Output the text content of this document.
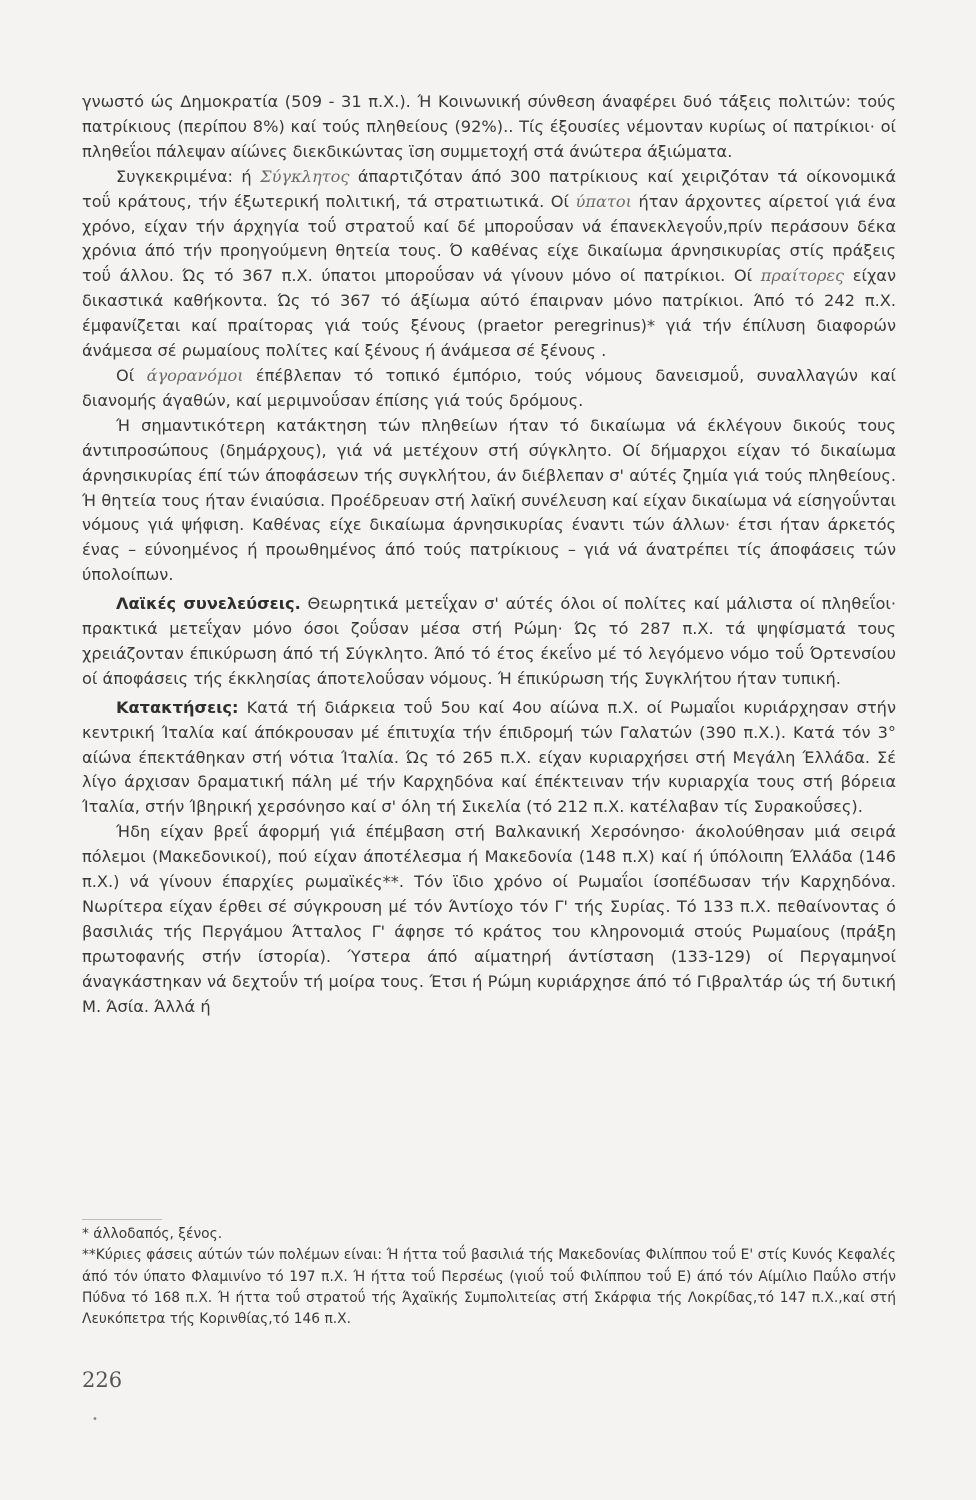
γνωστό ώς Δημοκρατία (509 - 31 π.Χ.). Ή Κοινωνική σύνθεση άναφέρει δυό τάξεις πολιτών: τούς πατρίκιους (περίπου 8%) καί τούς πληθείους (92%).. Τίς έξουσίες νέμονταν κυρίως οί πατρίκιοι· οί πληθεΐοι πάλεψαν αίώνες διεκδικώντας ϊση συμμετοχή στά άνώτερα άξιώματα.

Συγκεκριμένα: ή Σύγκλητος άπαρτιζόταν άπό 300 πατρίκιους καί χειριζόταν τά οίκονομικά τοΰ κράτους, τήν έξωτερική πολιτική, τά στρατιωτικά. Οί ύπατοι ήταν άρχοντες αίρετοί γιά ένα χρόνο, είχαν τήν άρχηγία τοΰ στρατοΰ καί δέ μποροΰσαν νά έπανεκλεγοΰν,πρίν περάσουν δέκα χρόνια άπό τήν προηγούμενη θητεία τους. Ό καθένας είχε δικαίωμα άρνησικυρίας στίς πράξεις τοΰ άλλου. Ώς τό 367 π.Χ. ύπατοι μποροΰσαν νά γίνουν μόνο οί πατρίκιοι. Οί πραίτορες είχαν δικαστικά καθήκοντα. Ώς τό 367 τό άξίωμα αύτό έπαιρναν μόνο πατρίκιοι. Άπό τό 242 π.Χ. έμφανίζεται καί πραίτορας γιά τούς ξένους (praetor peregrinus)* γιά τήν έπίλυση διαφορών άνάμεσα σέ ρωμαίους πολίτες καί ξένους ή άνάμεσα σέ ξένους .

Οί άγορανόμοι έπέβλεπαν τό τοπικό έμπόριο, τούς νόμους δανεισμοΰ, συναλλαγών καί διανομής άγαθών, καί μεριμνοΰσαν έπίσης γιά τούς δρόμους.

Ή σημαντικότερη κατάκτηση τών πληθείων ήταν τό δικαίωμα νά έκλέγουν δικούς τους άντιπροσώπους (δημάρχους), γιά νά μετέχουν στή σύγκλητο. Οί δήμαρχοι είχαν τό δικαίωμα άρνησικυρίας έπί τών άποφάσεων τής συγκλήτου, άν διέβλεπαν σ' αύτές ζημία γιά τούς πληθείους. Ή θητεία τους ήταν ένιαύσια. Προέδρευαν στή λαϊκή συνέλευση καί είχαν δικαίωμα νά είσηγοΰνται νόμους γιά ψήφιση. Καθένας είχε δικαίωμα άρνησικυρίας έναντι τών άλλων· έτσι ήταν άρκετός ένας – εύνοημένος ή προωθημένος άπό τούς πατρίκιους – γιά νά άνατρέπει τίς άποφάσεις τών ύπολοίπων.

Λαϊκές συνελεύσεις. Θεωρητικά μετεΐχαν σ' αύτές όλοι οί πολίτες καί μάλιστα οί πληθεΐοι· πρακτικά μετεΐχαν μόνο όσοι ζοΰσαν μέσα στή Ρώμη· Ώς τό 287 π.Χ. τά ψηφίσματά τους χρειάζονταν έπικύρωση άπό τή Σύγκλητο. Άπό τό έτος έκεΐνο μέ τό λεγόμενο νόμο τοΰ Όρτενσίου οί άποφάσεις τής έκκλησίας άποτελοΰσαν νόμους. Ή έπικύρωση τής Συγκλήτου ήταν τυπική.

Κατακτήσεις: Κατά τή διάρκεια τοΰ 5ου καί 4ου αίώνα π.Χ. οί Ρωμαΐοι κυριάρχησαν στήν κεντρική Ίταλία καί άπόκρουσαν μέ έπιτυχία τήν έπιδρομή τών Γαλατών (390 π.Χ.). Κατά τόν 3° αίώνα έπεκτάθηκαν στή νότια Ίταλία. Ώς τό 265 π.Χ. είχαν κυριαρχήσει στή Μεγάλη Έλλάδα. Σέ λίγο άρχισαν δραματική πάλη μέ τήν Καρχηδόνα καί έπέκτειναν τήν κυριαρχία τους στή βόρεια Ίταλία, στήν Ίβηρική χερσόνησο καί σ' όλη τή Σικελία (τό 212 π.Χ. κατέλαβαν τίς Συρακοΰσες).

Ήδη είχαν βρεΐ άφορμή γιά έπέμβαση στή Βαλκανική Χερσόνησο· άκολούθησαν μιά σειρά πόλεμοι (Μακεδονικοί), πού είχαν άποτέλεσμα ή Μακεδονία (148 π.Χ) καί ή ύπόλοιπη Έλλάδα (146 π.Χ.) νά γίνουν έπαρχίες ρωμαϊκές**. Τόν ϊδιο χρόνο οί Ρωμαΐοι ίσοπέδωσαν τήν Καρχηδόνα. Νωρίτερα είχαν έρθει σέ σύγκρουση μέ τόν Άντίοχο τόν Γ' τής Συρίας. Τό 133 π.Χ. πεθαίνοντας ό βασιλιάς τής Περγάμου Άτταλος Γ' άφησε τό κράτος του κληρονομιά στούς Ρωμαίους (πράξη πρωτοφανής στήν ίστορία). Ύστερα άπό αίματηρή άντίσταση (133-129) οί Περγαμηνοί άναγκάστηκαν νά δεχτοΰν τή μοίρα τους. Έτσι ή Ρώμη κυριάρχησε άπό τό Γιβραλτάρ ώς τή δυτική Μ. Άσία. Άλλά ή

* άλλοδαπός, ξένος.

**Κύριες φάσεις αύτών τών πολέμων είναι: Ή ήττα τοΰ βασιλιά τής Μακεδονίας Φιλίππου τοΰ Ε' στίς Κυνός Κεφαλές άπό τόν ύπατο Φλαμινίνο τό 197 π.Χ. Ή ήττα τοΰ Περσέως (γιοΰ τοΰ Φιλίππου τοΰ Ε) άπό τόν Αίμίλιο Παΰλο στήν Πύδνα τό 168 π.Χ. Ή ήττα τοΰ στρατοΰ τής Άχαϊκής Συμπολιτείας στή Σκάρφια τής Λοκρίδας,τό 147 π.Χ.,καί στή Λευκόπετρα τής Κορινθίας,τό 146 π.Χ.

226
•
